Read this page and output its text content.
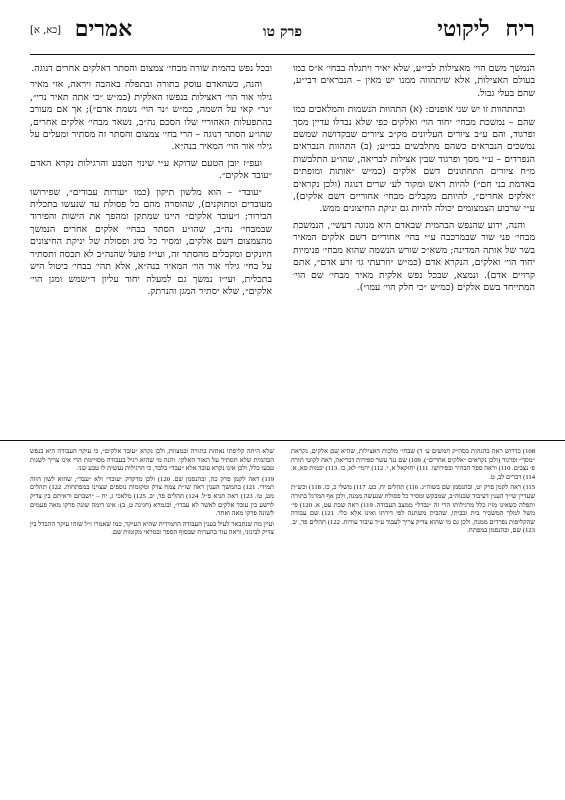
ריח ליקוטי
פרק טו
אמרים [כא, א]

הנמשך משם הוי׳ מאצילות לבי״ע, שלא יאיר ויתגלה בבחי׳ א״ס כמו בעולם האצילות, אלא שיתהווה ממנו יש מאין – הנבראים דבי״ע, שהם בעלי גבול.

ובהתהוות זו יש שני אופנים: (א) התהוות הנשמות והמלאכים כמו שהם – נמשכת מבחי׳ יחוד הוי׳ ואלקים כפי שלא נבדלו עדיין מסך ופרגוד, והם ע״ב ציורים העליונים מק״ב ציורים שבקדושה שמשם נמשכים הנבראים כשהם מתלבשים בבי״ע; (ב) התהוות הנבראים הנפרדים – ע״י מסך ופרגוד שבין אצילות לבריאה, שהו״ע התלבשות מ״ח ציורים התחתונים דשם אלקים (כמ״ש ״אותות ומופתים באדמת בני חם״) להיות ראש ומקור לע׳ שרים דנוגה (ולכן נקראים ״אלקים אחרים״, להיותם מקבלים מבחי׳ אחוריים דשם אלקים), ע״י שרבוע הצמצומים יכולה להיות גם יניקת החיצונים ממש.

והנה, ידוע שהנפש הבהמית שבאדם היא מנוגה דעשי׳, הנמשכת מבחי׳ פני שור שבמרכבה ע״י בחי׳ אחוריים דשם אלקים המאיר בשר של אותה המדינה; משא״כ שורש הנשמה שהוא מבחי׳ פנימיות יחוד הוי׳ ואלקים, הנקרא אדם (כמ״ש ״וזרעתי גו׳ זרע אדם״, אתם קרויים אדם). ונמצא, שבכל נפש אלקית מאיר מבחי׳ שם הוי׳ המתייחד בשם אלקים (כמ״ש ״כי חלק הוי׳ עמו״).

ובכל נפש בהמית שורה מבחי׳ צמצום והסתר דאלקים אחרים דנוגה.

והנה, כשהאדם עוסק בתורה ובתפלה באהבה ויראה, אזי מאיר גילוי אור הוי׳ דאצילות בנפשו האלקית (כמ״ש ״כי אתה תאיר נרי״, ״נר״ קאי על השמה, כמ״ש ״נר הוי׳ נשמת אדם״); אך אם מעורב בהתפעלות האהוריי שלו הסכם נה״ב, נשאר מבחי׳ אלקים אחרים, שהו״ע הסתר דנוגה – הרי בחי׳ צמצום והסתר זה מסתיר ומעלים על גילוי אור הוי׳ המאיר בנה״א.

ועפ״ז יובן הטעם שדוקא ע״י שינוי הטבע והרגילות נקרא האדם ״עובד אלקים״.

״עובד״ – הוא מלשון תיקון (כמו ״עורות עבודים״, שפירושו מעובדים ומתוקנים), שהוסרה מהם כל פסולת עד שנעשו בתכלית הבירור; ו״עובד אלקים״ היינו שמתקן ומהפך את הישות והפירוד שבמבחי׳ נה״ב, שהו״ע הסתר בבחי׳ אלקים אחרים הנמשך מהצמצום דשם אלקים, ומסיר כל סיג ופסולת של יניקת החיצונים היונקים ומקבלים מהסתר זה, ועי״ז פועל שהנה״ב לא תכסה ותסתיר על בחי׳ גילוי אור הוי׳ המאיר בנה״א, אלא תהי׳ בבחי׳ ביטול היש בתכלית, ועי״ז נמשך גם למעלה יחוד עליון ד״שמש ומגן הוי׳ אלקים״, שלא יסתיר המגן והנרתק.

108) כדרוש ראה בהגהות בסה״ק חמשים ע׳ ד) שבחי׳ מלכות דאצילות, שהיא שם אלקים, נקראת ״מסך״ ופרגוד (ולכן נקראים ״אלקים אחרים״). 109) שם נגד עשר ספירות דבריאה, ראה לקוטי תורה פ׳ נצבים. 110) וראה ספר הבהיר ובפירושו. 111) יחזקאל א, י. 112) ירמי׳ לא, כו. 113) יבמות סא, א. 114) דברים לב, ט.

115) ראה לקמן פרק יט, ובהנסמן שם בשוה״ג. 116) תהלים יח, כט. 117) משלי כ, כז. 118) וכש״ת שעדיין שייך הענין דעיבוד שבנוה״ב, שמבקש ומסיר כל פסולת שנעשה ממנה, ולכן אף המרגל בתורה ותפלה כשאינו מזיז כלל מרגילותו הרי זה ״נבדל״ ממצב העבודה. 119) ראה שבת עט, א. 120) פי׳ משל למלך המשכיר בית ובביתו, שהבית משתנה לפי דירתו ואינו אלא כלי. 121) שם עבודה שהקליפות נפרדים ממנה, ולכן גם מי שהוא צדיק צריך לעבוד ע״ד עיבוד עורות. 122) תהלים פד, יב. 123) שם, ובהנסמן במפתח.

שלא היתה קליפתו נאחזת בתורה ובמצוות, ולכן נקרא ״עובד אלקים״, כי עיקר העבודה היא בנפש הבהמית שלא תסתיר על האור האלקי. והנה מי שהוא רגיל בעבודה מסויימת הרי אינו צריך לשנות טבעו כלל, ולכן אינו נקרא עובד אלא ״עבד״ בלבד, כי הרגילות נעשית לו טבע שני.

119) ראה לקמן פרק כה, ובהנסמן שם. 120) ולכן מדקדק ״עובד״ ולא ״עבד״, שהוא לשון הווה תמידי. 121) בהמשך הענין ראה שו״ת צמח צדק ומקומות נוספים שצוינו במפתחות. 122) תהלים מט, טו. 123) ראה תניא פ״ל. 124) תהלים פד, יב. 125) מלאכי ג, יח – ״ושבתם וראיתם בין צדיק לרשע בין עובד אלקים לאשר לא עבדו״, ובגמרא (חגיגה ט, ב): אינו דומה שונה פרקו מאה פעמים לשונה פרקו מאה ואחד.

ועיין מה שנתבאר לעיל בענין העבודה התמידית שהיא העיקר, כמו שאמרו ז״ל שזהו עיקר ההבדל בין צדיק לבינוני, וראה עוד בהערות שבסוף הספר ובמראי מקומות שם.
